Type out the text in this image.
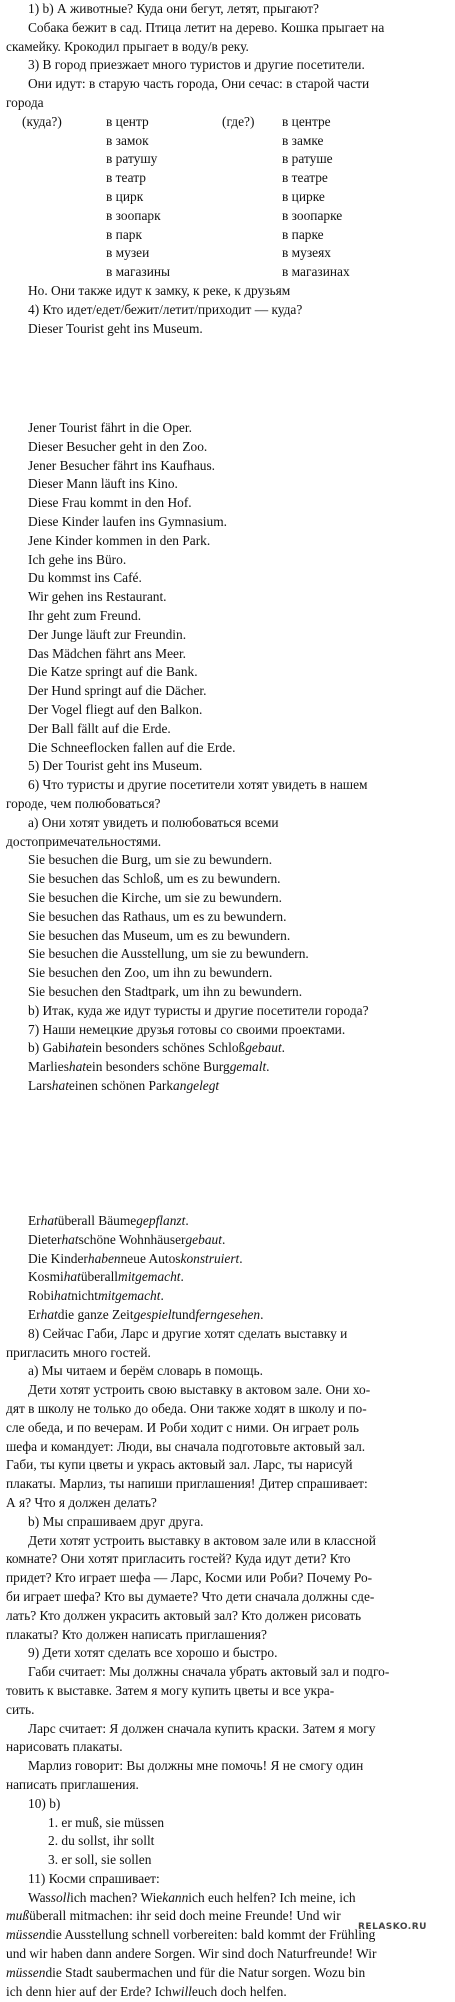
1) b) А животные? Куда они бегут, летят, прыгают?
Собака бежит в сад. Птица летит на дерево. Кошка прыгает на
скамейку. Крокодил прыгает в воду/в реку.
3) В город приезжает много туристов и другие посетители.
Они идут: в старую часть города, Они сечас: в старой части
города
(куда?)	в центр	(где?) в центре
в замок	в замке
в ратушу	в ратуше
в театр	в театре
в цирк	в цирке
в зоопарк	в зоопарке
в парк	в парке
в музеи	в музеях
в магазины	в магазинах
Но. Они также идут к замку, к реке, к друзьям
4) Кто идет/едет/бежит/летит/приходит — куда?
Dieser Tourist geht ins Museum.
Jener Tourist fährt in die Oper.
Dieser Besucher geht in den Zoo.
Jener Besucher fährt ins Kaufhaus.
Dieser Mann läuft ins Kino.
Diese Frau kommt in den Hof.
Diese Kinder laufen ins Gymnasium.
Jene Kinder kommen in den Park.
Ich gehe ins Büro.
Du kommst ins Café.
Wir gehen ins Restaurant.
Ihr geht zum Freund.
Der Junge läuft zur Freundin.
Das Mädchen fährt ans Meer.
Die Katze springt auf die Bank.
Der Hund springt auf die Dächer.
Der Vogel fliegt auf den Balkon.
Der Ball fällt auf die Erde.
Die Schneeflocken fallen auf die Erde.
5) Der Tourist geht ins Museum.
6) Что туристы и другие посетители хотят увидеть в нашем
городе, чем полюбоваться?
а) Они хотят увидеть и полюбоваться всеми
достопримечательностями.
Sie besuchen die Burg, um sie zu bewundern.
Sie besuchen das Schloß, um es zu bewundern.
Sie besuchen die Kirche, um sie zu bewundern.
Sie besuchen das Rathaus, um es zu bewundern.
Sie besuchen das Museum, um es zu bewundern.
Sie besuchen die Ausstellung, um sie zu bewundern.
Sie besuchen den Zoo, um ihn zu bewundern.
Sie besuchen den Stadtpark, um ihn zu bewundern.
b) Итак, куда же идут туристы и другие посетители города?
7) Наши немецкие друзья готовы со своими проектами.
b) Gabihatein besonders schönes Schloßgebaut.
Marlieshatein besonders schöne Burggemalt.
Larshateinen schönen Parkangelegt
Erhatüberall Bäumegepflanzt.
Dieterhatschöne Wohnhäusergebaut.
Die Kinderhabenneue Autoskonstruiert.
Kosmihatüberallmitgemacht.
Robihatnichtmitgemacht.
Erhatdie ganze Zeitgespieltundferngesehen.
8) Сейчас Габи, Ларс и другие хотят сделать выставку и
пригласить много гостей.
а) Мы читаем и берём словарь в помощь.
Дети хотят устроить свою выставку в актовом зале. Они хо-
дят в школу не только до обеда. Они также ходят в школу и по-
сле обеда, и по вечерам. И Роби ходит с ними. Он играет роль
шефа и командует: Люди, вы сначала подготовьте актовый зал.
Габи, ты купи цветы и укрась актовый зал. Ларс, ты нарисуй
плакаты. Марлиз, ты напиши приглашения! Дитер спрашивает:
А я? Что я должен делать?
b) Мы спрашиваем друг друга.
Дети хотят устроить выставку в актовом зале или в классной
комнате? Они хотят пригласить гостей? Куда идут дети? Кто
придет? Кто играет шефа — Ларс, Косми или Роби? Почему Ро-
би играет шефа? Кто вы думаете? Что дети сначала должны сде-
лать? Кто должен украсить актовый зал? Кто должен рисовать
плакаты? Кто должен написать приглашения?
9) Дети хотят сделать все хорошо и быстро.
Габи считает: Мы должны сначала убрать актовый зал и подго-
товить к выставке. Затем я могу купить цветы и все укра-
сить.
Ларс считает: Я должен сначала купить краски. Затем я могу
нарисовать плакаты.
Марлиз говорит: Вы должны мне помочь! Я не смогу один
написать приглашения.
10) b)
1. er muß, sie müssen
2. du sollst, ihr sollt
3. er soll, sie sollen
11) Косми спрашивает:
Wassollich machen? Wiekannich euch helfen? Ich meine, ich
mußüberall mitmachen: ihr seid doch meine Freunde! Und wir
müssendie Ausstellung schnell vorbereiten: bald kommt der Frühling
und wir haben dann andere Sorgen. Wir sind doch Naturfreunde! Wir
müssendie Stadt saubermachen und für die Natur sorgen. Wozu bin
ich denn hier auf der Erde? Ichwilleuch doch helfen.
RELASKO.RU
